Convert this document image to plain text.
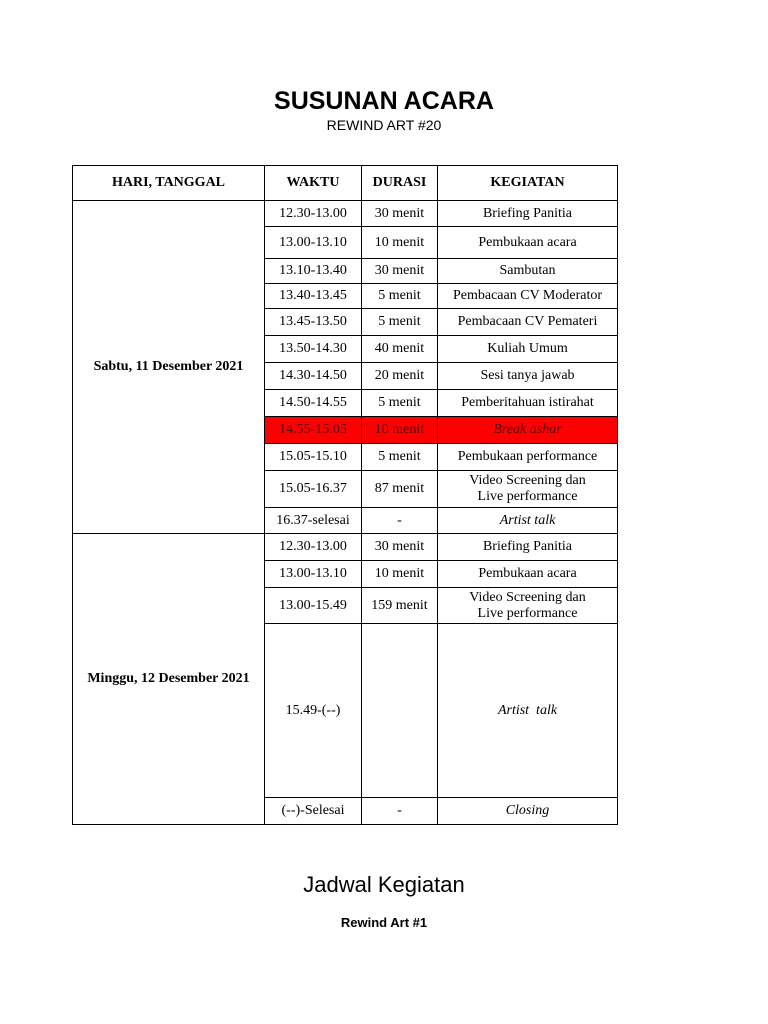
SUSUNAN ACARA
REWIND ART #20
HARI, TANGGAL	WAKTU	DURASI	KEGIATAN
Sabtu, 11 Desember 2021	12.30-13.00	30 menit	Briefing Panitia
	13.00-13.10	10 menit	Pembukaan acara
	13.10-13.40	30 menit	Sambutan
	13.40-13.45	5 menit	Pembacaan CV Moderator
	13.45-13.50	5 menit	Pembacaan CV Pemateri
	13.50-14.30	40 menit	Kuliah Umum
	14.30-14.50	20 menit	Sesi tanya jawab
	14.50-14.55	5 menit	Pemberitahuan istirahat
	14.55-15.05	10 menit	Break ashar
	15.05-15.10	5 menit	Pembukaan performance
	15.05-16.37	87 menit	Video Screening dan
Live performance

	16.37-selesai	-	Artist talk
Minggu, 12 Desember 2021	12.30-13.00	30 menit	Briefing Panitia
	13.00-13.10	10 menit	Pembukaan acara
	13.00-15.49	159 menit	Video Screening dan
Live performance

	15.49-(--)		Artist  talk
	(--)-Selesai	-	Closing
Jadwal Kegiatan
Rewind Art #1
